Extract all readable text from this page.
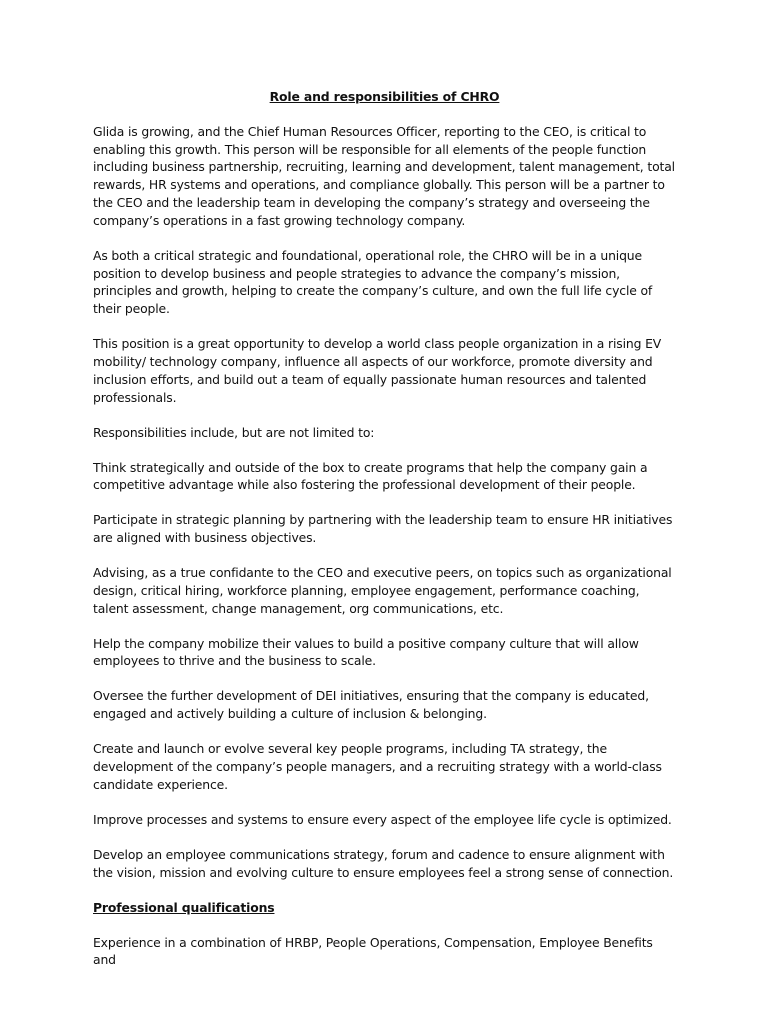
Role and responsibilities of CHRO

Glida is growing, and the Chief Human Resources Officer, reporting to the CEO, is critical to enabling this growth. This person will be responsible for all elements of the people function including business partnership, recruiting, learning and development, talent management, total rewards, HR systems and operations, and compliance globally. This person will be a partner to the CEO and the leadership team in developing the company’s strategy and overseeing the company’s operations in a fast growing technology company.

As both a critical strategic and foundational, operational role, the CHRO will be in a unique position to develop business and people strategies to advance the company’s mission, principles and growth, helping to create the company’s culture, and own the full life cycle of their people.

This position is a great opportunity to develop a world class people organization in a rising EV mobility/ technology company, influence all aspects of our workforce, promote diversity and inclusion efforts, and build out a team of equally passionate human resources and talented professionals.

Responsibilities include, but are not limited to:

Think strategically and outside of the box to create programs that help the company gain a competitive advantage while also fostering the professional development of their people.

Participate in strategic planning by partnering with the leadership team to ensure HR initiatives are aligned with business objectives.

Advising, as a true confidante to the CEO and executive peers, on topics such as organizational design, critical hiring, workforce planning, employee engagement, performance coaching, talent assessment, change management, org communications, etc.

Help the company mobilize their values to build a positive company culture that will allow employees to thrive and the business to scale.

Oversee the further development of DEI initiatives, ensuring that the company is educated, engaged and actively building a culture of inclusion & belonging.

Create and launch or evolve several key people programs, including TA strategy, the development of the company’s people managers, and a recruiting strategy with a world-class candidate experience.

Improve processes and systems to ensure every aspect of the employee life cycle is optimized.

Develop an employee communications strategy, forum and cadence to ensure alignment with the vision, mission and evolving culture to ensure employees feel a strong sense of connection.

Professional qualifications

Experience in a combination of HRBP, People Operations, Compensation, Employee Benefits and
